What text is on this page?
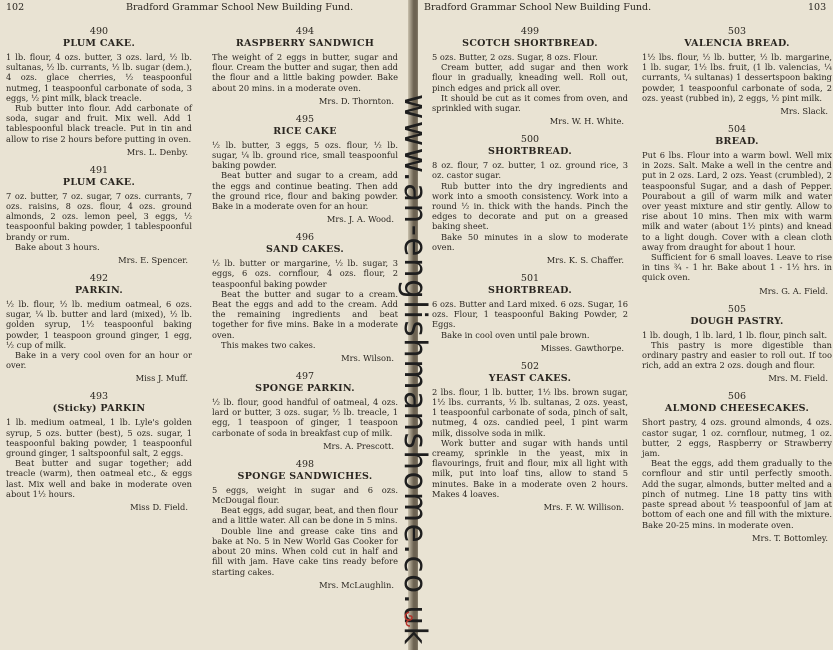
102	Bradford Grammar School New Building Fund.
490
PLUM CAKE.

1 lb. flour, 4 ozs. butter, 3 ozs. lard, ½ lb. sultanas, ½ lb. currants, ½ lb. sugar (dem.), 4 ozs. glace cherries, ½ teaspoonful nutmeg, 1 teaspoonful carbonate of soda, 3 eggs, ½ pint milk, black treacle.

Rub butter into flour. Add carbonate of soda, sugar and fruit. Mix well. Add 1 tablespoonful black treacle. Put in tin and allow to rise 2 hours before putting in oven.

Mrs. L. Denby.
491
PLUM CAKE.

7 oz. butter, 7 oz. sugar, 7 ozs. currants, 7 ozs. raisins, 8 ozs. flour, 4 ozs. ground almonds, 2 ozs. lemon peel, 3 eggs, ½ teaspoonful baking powder, 1 tablespoonful brandy or rum.

Bake about 3 hours.

Mrs. E. Spencer.
492
PARKIN.

½ lb. flour, ½ lb. medium oatmeal, 6 ozs. sugar, ¼ lb. butter and lard (mixed), ½ lb. golden syrup, 1½ teaspoonful baking powder, 1 teaspoon ground ginger, 1 egg, ½ cup of milk.

Bake in a very cool oven for an hour or over.

Miss J. Muff.
493
(Sticky) PARKIN

1 lb. medium oatmeal, 1 lb. Lyle's golden syrup, 5 ozs. butter (best), 5 ozs. sugar, 1 teaspoonful baking powder, 1 teaspoonful ground ginger, 1 saltspoonful salt, 2 eggs.

Beat butter and sugar together; add treacle (warm), then oatmeal etc., & eggs last. Mix well and bake in moderate oven about 1½ hours.

Miss D. Field.
494
RASPBERRY SANDWICH

The weight of 2 eggs in butter, sugar and flour. Cream the butter and sugar, then add the flour and a little baking powder. Bake about 20 mins. in a moderate oven.

Mrs. D. Thornton.
495
RICE CAKE

½ lb. butter, 3 eggs, 5 ozs. flour, ½ lb. sugar, ¼ lb. ground rice, small teaspoonful baking powder.

Beat butter and sugar to a cream, add the eggs and continue beating. Then add the ground rice, flour and baking powder. Bake in a moderate oven for an hour.

Mrs. J. A. Wood.
496
SAND CAKES.

½ lb. butter or margarine, ½ lb. sugar, 3 eggs, 6 ozs. cornflour, 4 ozs. flour, 2 teaspoonful baking powder

Beat the butter and sugar to a cream. Beat the eggs and add to the cream. Add the remaining ingredients and beat together for five mins. Bake in a moderate oven.

This makes two cakes.

Mrs. Wilson.
497
SPONGE PARKIN.

½ lb. flour, good handful of oatmeal, 4 ozs. lard or butter, 3 ozs. sugar, ½ lb. treacle, 1 egg, 1 teaspoon of ginger, 1 teaspoon carbonate of soda in breakfast cup of milk.

Mrs. A. Prescott.
498
SPONGE SANDWICHES.

5 eggs, weight in sugar and 6 ozs. McDougal flour.

Beat eggs, add sugar, beat, and then flour and a little water. All can be done in 5 mins.

Double line and grease cake tins and bake at No. 5 in New World Gas Cooker for about 20 mins. When cold cut in half and fill with jam. Have cake tins ready before starting cakes.

Mrs. McLaughlin.
Bradford Grammar School New Building Fund.	103
499
SCOTCH SHORTBREAD.

5 ozs. Butter, 2 ozs. Sugar, 8 ozs. Flour.

Cream butter, add sugar and then work flour in gradually, kneading well. Roll out, pinch edges and prick all over.

It should be cut as it comes from oven, and sprinkled with sugar.

Mrs. W. H. White.
500
SHORTBREAD.

8 oz. flour, 7 oz. butter, 1 oz. ground rice, 3 oz. castor sugar.

Rub butter into the dry ingredients and work into a smooth consistency. Work into a round ½ in. thick with the hands. Pinch the edges to decorate and put on a greased baking sheet.

Bake 50 minutes in a slow to moderate oven.

Mrs. K. S. Chaffer.
501
SHORTBREAD.

6 ozs. Butter and Lard mixed. 6 ozs. Sugar, 16 ozs. Flour, 1 teaspoonful Baking Powder, 2 Eggs.

Bake in cool oven until pale brown.

Misses. Gawthorpe.
502
YEAST CAKES.

2 lbs. flour, 1 lb. butter, 1½ lbs. brown sugar, 1½ lbs. currants, ½ lb. sultanas, 2 ozs. yeast, 1 teaspoonful carbonate of soda, pinch of salt, nutmeg, 4 ozs. candied peel, 1 pint warm milk, dissolve soda in milk.

Work butter and sugar with hands until creamy, sprinkle in the yeast, mix in flavourings, fruit and flour, mix all light with milk, put into loaf tins, allow to stand 5 minutes. Bake in a moderate oven 2 hours. Makes 4 loaves.

Mrs. F. W. Willison.
503
VALENCIA BREAD.

1½ lbs. flour, ½ lb. butter, ½ lb. margarine, 1 lb. sugar, 1½ lbs. fruit, (1 lb. valencias, ¼ currants, ¼ sultanas) 1 dessertspoon baking powder, 1 teaspoonful carbonate of soda, 2 ozs. yeast (rubbed in), 2 eggs, ½ pint milk.

Mrs. Slack.
504
BREAD.

Put 6 lbs. Flour into a warm bowl. Well mix in 2ozs. Salt. Make a well in the centre and put in 2 ozs. Lard, 2 ozs. Yeast (crumbled), 2 teaspoonsful Sugar, and a dash of Pepper. Pourabout a gill of warm milk and water over yeast mixture and stir gently. Allow to rise about 10 mins. Then mix with warm milk and water (about 1½ pints) and knead to a light dough. Cover with a clean cloth away from draught for about 1 hour.

Sufficient for 6 small loaves. Leave to rise in tins ¾ - 1 hr. Bake about 1 - 1½ hrs. in quick oven.

Mrs. G. A. Field.
505
DOUGH PASTRY.

1 lb. dough, 1 lb. lard, 1 lb. flour, pinch salt.

This pastry is more digestible than ordinary pastry and easier to roll out. If too rich, add an extra 2 ozs. dough and flour.

Mrs. M. Field.
506
ALMOND CHEESECAKES.

Short pastry, 4 ozs. ground almonds, 4 ozs. castor sugar, 1 oz. cornflour, nutmeg, 1 oz. butter, 2 eggs, Raspberry or Strawberry jam.

Beat the eggs, add them gradually to the cornflour and stir until perfectly smooth. Add the sugar, almonds, butter melted and a pinch of nutmeg. Line 18 patty tins with paste spread about ½ teaspoonful of jam at bottom of each one and fill with the mixture. Bake 20-25 mins. in moderate oven.

Mrs. T. Bottomley.
www.an-englishmanshome.co.uk
